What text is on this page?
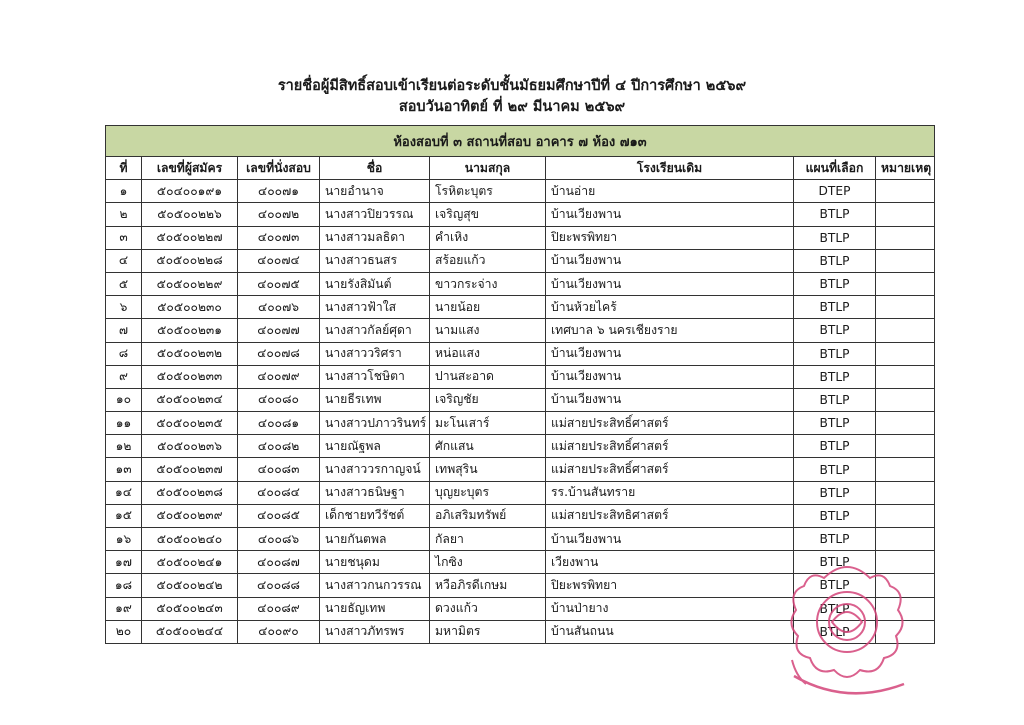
รายชื่อผู้มีสิทธิ์สอบเข้าเรียนต่อระดับชั้นมัธยมศึกษาปีที่ ๔ ปีการศึกษา ๒๕๖๙
สอบวันอาทิตย์ ที่ ๒๙ มีนาคม ๒๕๖๙
ห้องสอบที่ ๓ สถานที่สอบ อาคาร ๗ ห้อง ๗๑๓							
ที่	เลขที่ผู้สมัคร	เลขที่นั่งสอบ	ชื่อ	นามสกุล	โรงเรียนเดิม	แผนที่เลือก	หมายเหตุ
๑	๕๐๔๐๐๑๙๑	๔๐๐๗๑	นายอำนาจ	โรหิตะบุตร	บ้านอ่าย	DTEP	
๒	๕๐๕๐๐๒๒๖	๔๐๐๗๒	นางสาวปิยวรรณ	เจริญสุข	บ้านเวียงพาน	BTLP	
๓	๕๐๕๐๐๒๒๗	๔๐๐๗๓	นางสาวมลธิดา	คำเหิง	ปิยะพรพิทยา	BTLP	
๔	๕๐๕๐๐๒๒๘	๔๐๐๗๔	นางสาวธนสร	สร้อยแก้ว	บ้านเวียงพาน	BTLP	
๕	๕๐๕๐๐๒๒๙	๔๐๐๗๕	นายรังสิมันต์	ขาวกระจ่าง	บ้านเวียงพาน	BTLP	
๖	๕๐๕๐๐๒๓๐	๔๐๐๗๖	นางสาวฟ้าใส	นายน้อย	บ้านห้วยไคร้	BTLP	
๗	๕๐๕๐๐๒๓๑	๔๐๐๗๗	นางสาวกัลย์ศุดา	นามแสง	เทศบาล ๖ นครเชียงราย	BTLP	
๘	๕๐๕๐๐๒๓๒	๔๐๐๗๘	นางสาววริศรา	หน่อแสง	บ้านเวียงพาน	BTLP	
๙	๕๐๕๐๐๒๓๓	๔๐๐๗๙	นางสาวโชษิตา	ปานสะอาด	บ้านเวียงพาน	BTLP	
๑๐	๕๐๕๐๐๒๓๔	๔๐๐๘๐	นายธีรเทพ	เจริญชัย	บ้านเวียงพาน	BTLP	
๑๑	๕๐๕๐๐๒๓๕	๔๐๐๘๑	นางสาวปภาวรินทร์	มะโนเสาร์	แม่สายประสิทธิ์ศาสตร์	BTLP	
๑๒	๕๐๕๐๐๒๓๖	๔๐๐๘๒	นายณัฐพล	ศักแสน	แม่สายประสิทธิ์ศาสตร์	BTLP	
๑๓	๕๐๕๐๐๒๓๗	๔๐๐๘๓	นางสาววรกาญจน์	เทพสุริน	แม่สายประสิทธิ์ศาสตร์	BTLP	
๑๔	๕๐๕๐๐๒๓๘	๔๐๐๘๔	นางสาวธนิษฐา	บุญยะบุตร	รร.บ้านสันทราย	BTLP	
๑๕	๕๐๕๐๐๒๓๙	๔๐๐๘๕	เด็กชายทวีรัชต์	อภิเสริมทรัพย์	แม่สายประสิทธิศาสตร์	BTLP	
๑๖	๕๐๕๐๐๒๔๐	๔๐๐๘๖	นายกันตพล	กัลยา	บ้านเวียงพาน	BTLP	
๑๗	๕๐๕๐๐๒๔๑	๔๐๐๘๗	นายชนุดม	ไกซิง	เวียงพาน	BTLP	
๑๘	๕๐๕๐๐๒๔๒	๔๐๐๘๘	นางสาวกนกวรรณ	หวือภิรดีเกษม	ปิยะพรพิทยา	BTLP	
๑๙	๕๐๕๐๐๒๔๓	๔๐๐๘๙	นายธัญเทพ	ดวงแก้ว	บ้านป่ายาง	BTLP	
๒๐	๕๐๕๐๐๒๔๔	๔๐๐๙๐	นางสาวภัทรพร	มหามิตร	บ้านสันถนน	BTLP	
